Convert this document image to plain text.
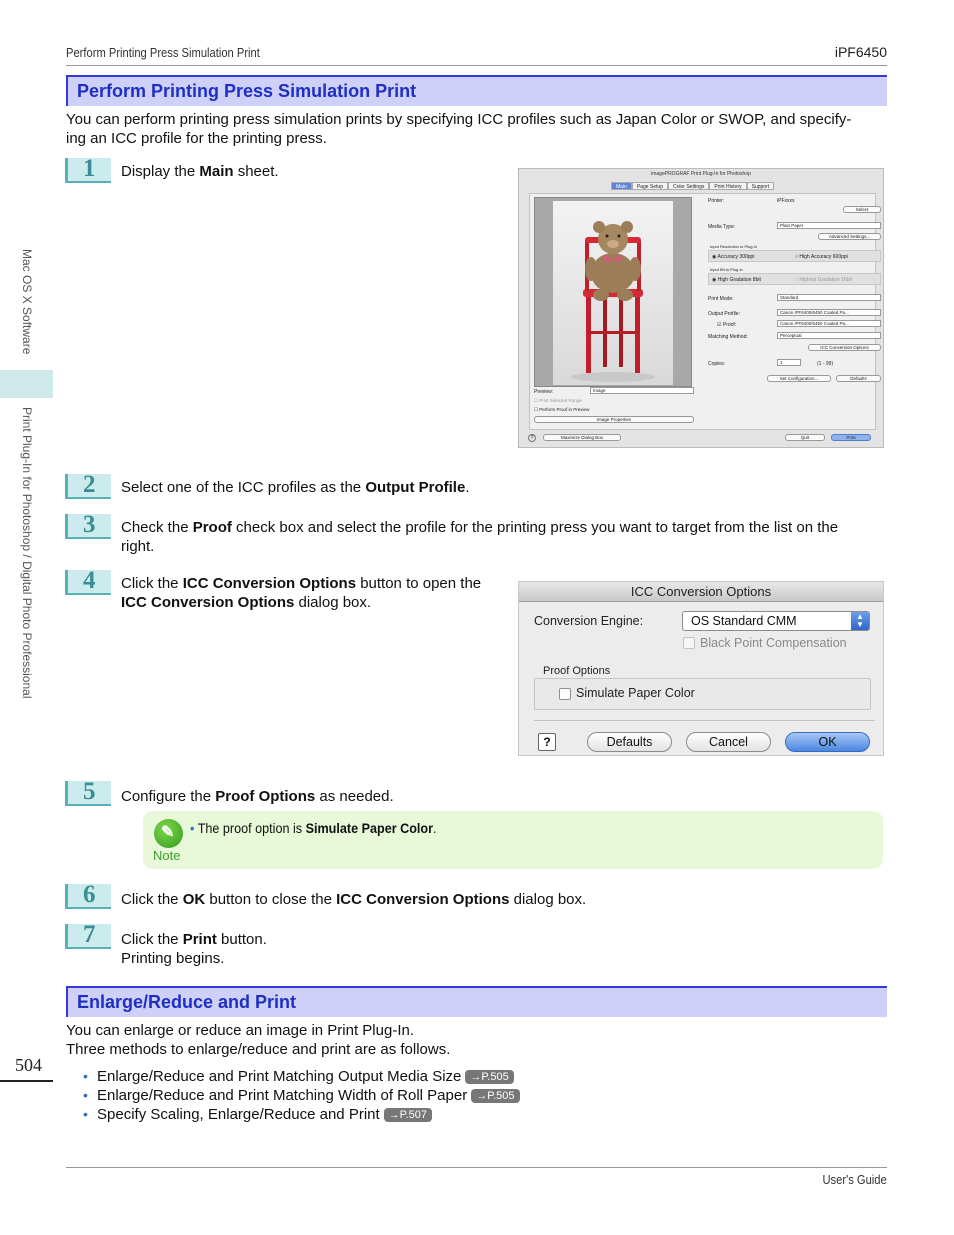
Perform Printing Press Simulation Print	iPF6450
Mac OS X Software
Print Plug-In for Photoshop / Digital Photo Professional
504
Perform Printing Press Simulation Print
You can perform printing press simulation prints by specifying ICC profiles such as Japan Color or SWOP, and specify-
ing an ICC profile for the printing press.
1 Display the Main sheet.	imagePROGRAF Print Plug-In for Photoshop
Main	Page Setup	Color Settings	Print History	Support
Printer:	iPFxxxx
Select
Media Type:	Plain Paper
Advanced Settings...
Input Resolution to Plug-in
◉ Accuracy 300ppi	○ High Accuracy 600ppi
Input Bit to Plug-in
◉ High Gradation 8bit	○ Highest Gradation 16bit
Print Mode:	Standard
Output Profile:	Canon iPF6400/6450 Coated Pa...
☑ Proof:	Canon iPF6400/6450 Coated Pa...
Matching Method:	Perceptual
ICC Conversion Options
Copies:	1	(1 - 99)
Set Configuration...	Defaults
Preview:	Image
☐ Print Selected Range
☐ Perform Proof in Preview
Image Properties
?	Maximize Dialog Box	Quit	Print
2 Select one of the ICC profiles as the Output Profile.
3 Check the Proof check box and select the profile for the printing press you want to target from the list on the
right.
4 Click the ICC Conversion Options button to open the
ICC Conversion Options dialog box.
ICC Conversion Options
Conversion Engine:	OS Standard CMM	▲
▼
Black Point Compensation
Proof Options
Simulate Paper Color
?	Defaults	Cancel	OK
5 Configure the Proof Options as needed.
✎
Note
• The proof option is Simulate Paper Color.
6 Click the OK button to close the ICC Conversion Options dialog box.
7 Click the Print button.
Printing begins.
Enlarge/Reduce and Print
You can enlarge or reduce an image in Print Plug-In.
Three methods to enlarge/reduce and print are as follows.
• Enlarge/Reduce and Print Matching Output Media Size →P.505
• Enlarge/Reduce and Print Matching Width of Roll Paper →P.505
• Specify Scaling, Enlarge/Reduce and Print →P.507
User's Guide
